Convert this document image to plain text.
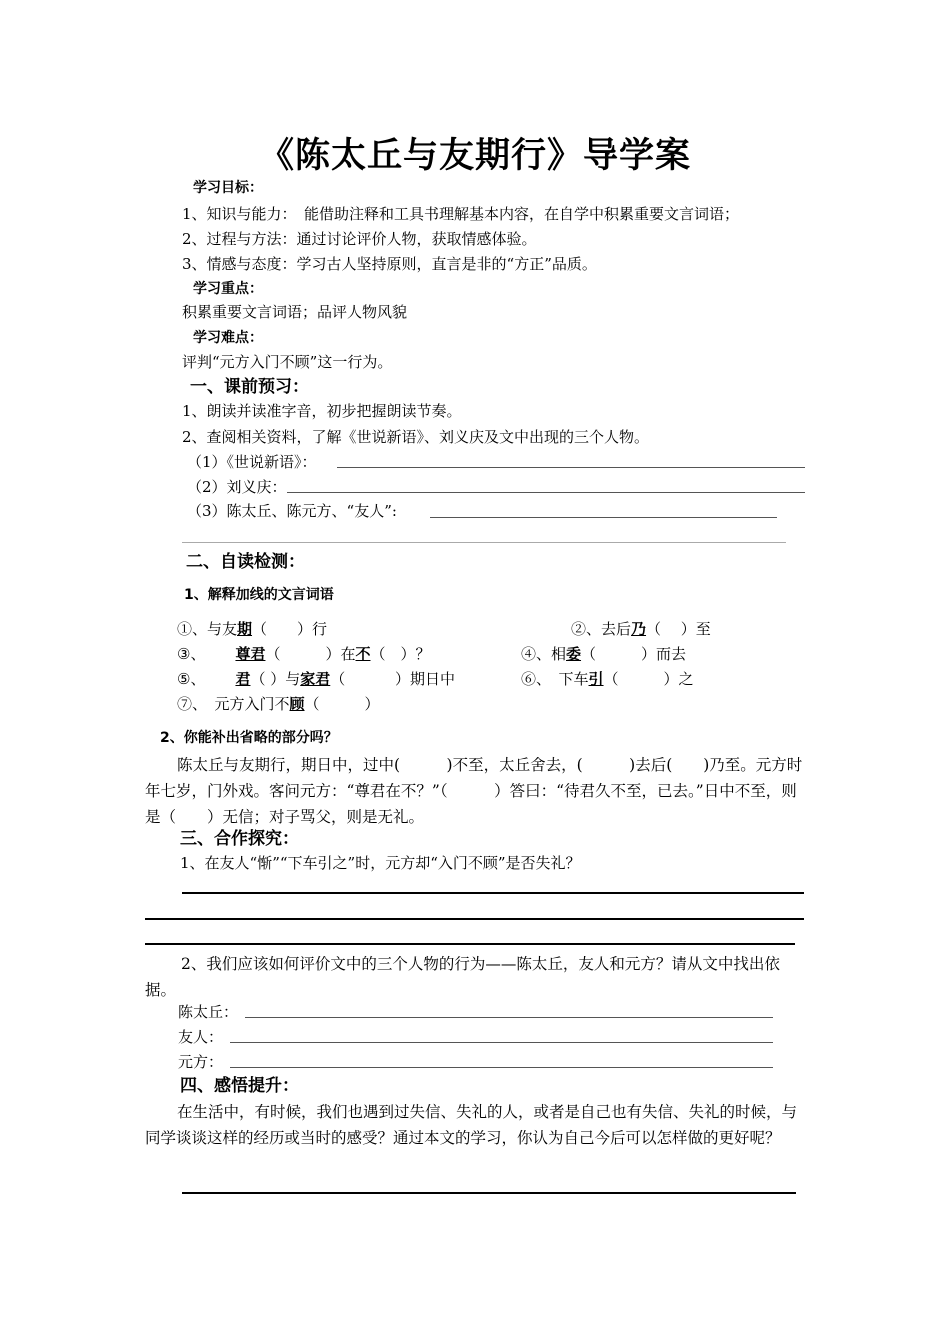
《陈太丘与友期行》导学案
学习目标：
1、知识与能力：　能借助注释和工具书理解基本内容，在自学中积累重要文言词语；
2、过程与方法：通过讨论评价人物，获取情感体验。
3、情感与态度：学习古人坚持原则，直言是非的“方正”品质。
学习重点：
积累重要文言词语；品评人物风貌
学习难点：
评判“元方入门不顾”这一行为。
一、课前预习：
1、朗读并读准字音，初步把握朗读节奏。
2、查阅相关资料，了解《世说新语》、刘义庆及文中出现的三个人物。
（1）《世说新语》：
（2）刘义庆：
（3）陈太丘、陈元方、“友人”:
二、自读检测：
1、解释加线的文言词语
①、与友期（　　）行	②、去后乃（　 ）至
③、 尊君（　　　）在不（　）？	④、相委（　　　）而去
⑤、 君（ ）与家君（　　　 ）期日中	⑥、　下车引（　　　）之
⑦、　元方入门不顾（　　　）
2、你能补出省略的部分吗？
陈太丘与友期行，期日中，过中(　　　)不至，太丘舍去，(　　　)去后(　　)乃至。元方时年七岁，门外戏。客问元方：“尊君在不？”（　　　）答曰：“待君久不至，已去。”日中不至，则是（　　）无信；对子骂父，则是无礼。
三、合作探究：
1、在友人“惭”“下车引之”时，元方却“入门不顾”是否失礼？
2、我们应该如何评价文中的三个人物的行为——陈太丘，友人和元方？请从文中找出依据。
陈太丘：
友人：
元方：
四、感悟提升：
在生活中，有时候，我们也遇到过失信、失礼的人，或者是自己也有失信、失礼的时候，与同学谈谈这样的经历或当时的感受？通过本文的学习，你认为自己今后可以怎样做的更好呢？
